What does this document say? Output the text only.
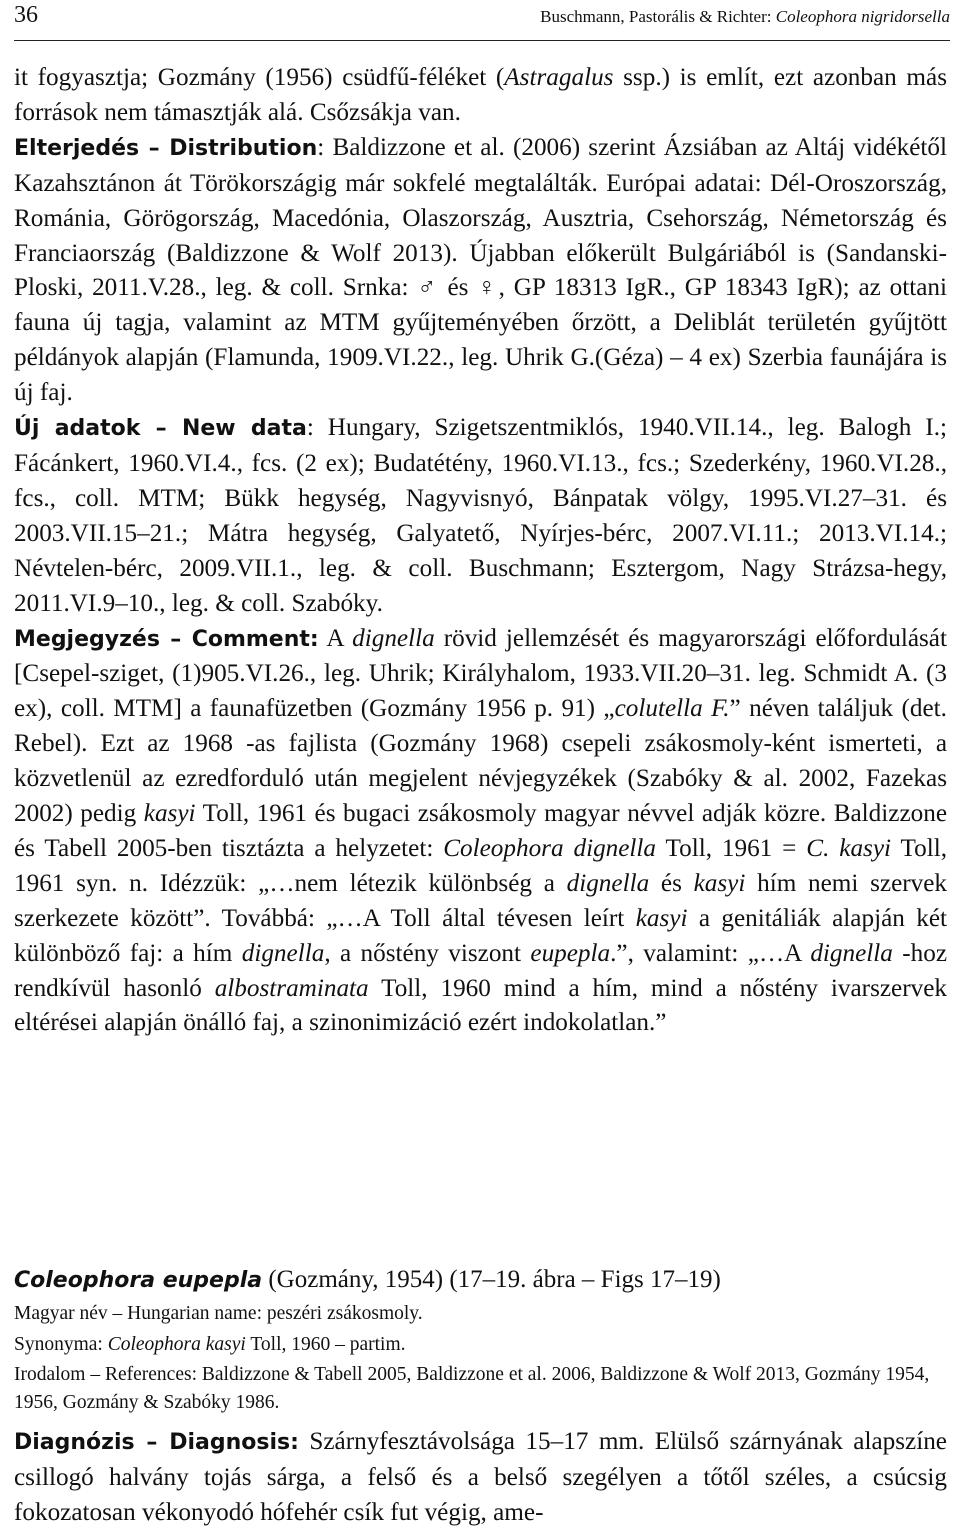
36	Buschmann, Pastorális & Richter: Coleophora nigridorsella

it fogyasztja; Gozmány (1956) csüdfű-féléket (Astragalus ssp.) is említ, ezt azonban más források nem támasztják alá. Csőzsákja van.

Elterjedés – Distribution: Baldizzone et al. (2006) szerint Ázsiában az Altáj vidékétől Kazahsztánon át Törökországig már sokfelé megtalálták. Európai adatai: Dél-Oroszország, Románia, Görögország, Macedónia, Olaszország, Ausztria, Csehország, Németország és Franciaország (Baldizzone & Wolf 2013). Újabban előkerült Bulgáriából is (Sandanski-Ploski, 2011.V.28., leg. & coll. Srnka: ♂ és ♀, GP 18313 IgR., GP 18343 IgR); az ottani fauna új tagja, valamint az MTM gyűjteményében őrzött, a Deliblát területén gyűjtött példányok alapján (Flamunda, 1909.VI.22., leg. Uhrik G.(Géza) – 4 ex) Szerbia faunájára is új faj.

Új adatok – New data: Hungary, Szigetszentmiklós, 1940.VII.14., leg. Balogh I.; Fácánkert, 1960.VI.4., fcs. (2 ex); Budatétény, 1960.VI.13., fcs.; Szederkény, 1960.VI.28., fcs., coll. MTM; Bükk hegység, Nagyvisnyó, Bánpatak völgy, 1995.VI.27–31. és 2003.VII.15–21.; Mátra hegység, Galyatető, Nyírjes-bérc, 2007.VI.11.; 2013.VI.14.; Névtelen-bérc, 2009.VII.1., leg. & coll. Buschmann; Esztergom, Nagy Strázsa-hegy, 2011.VI.9–10., leg. & coll. Szabóky.

Megjegyzés – Comment: A dignella rövid jellemzését és magyarországi előfordulását [Csepel-sziget, (1)905.VI.26., leg. Uhrik; Királyhalom, 1933.VII.20–31. leg. Schmidt A. (3 ex), coll. MTM] a faunafüzetben (Gozmány 1956 p. 91) „colutella F.” néven találjuk (det. Rebel). Ezt az 1968 -as fajlista (Gozmány 1968) csepeli zsákosmoly-ként ismerteti, a közvetlenül az ezredforduló után megjelent névjegyzékek (Szabóky & al. 2002, Fazekas 2002) pedig kasyi Toll, 1961 és bugaci zsákosmoly magyar névvel adják közre. Baldizzone és Tabell 2005-ben tisztázta a helyzetet: Coleophora dignella Toll, 1961 = C. kasyi Toll, 1961 syn. n. Idézzük: „…nem létezik különbség a dignella és kasyi hím nemi szervek szerkezete között”. Továbbá: „…A Toll által tévesen leírt kasyi a genitáliák alapján két különböző faj: a hím dignella, a nőstény viszont eupepla.”, valamint: „…A dignella -hoz rendkívül hasonló albostraminata Toll, 1960 mind a hím, mind a nőstény ivarszervek eltérései alapján önálló faj, a szinonimizáció ezért indokolatlan.”

Coleophora eupepla (Gozmány, 1954) (17–19. ábra – Figs 17–19)
Magyar név – Hungarian name: peszéri zsákosmoly.
Synonyma: Coleophora kasyi Toll, 1960 – partim.
Irodalom – References: Baldizzone & Tabell 2005, Baldizzone et al. 2006, Baldizzone & Wolf 2013, Gozmány 1954, 1956, Gozmány & Szabóky 1986.
Diagnózis – Diagnosis: Szárnyfesztávolsága 15–17 mm. Elülső szárnyának alapszíne csillogó halvány tojás sárga, a felső és a belső szegélyen a tőtől széles, a csúcsig fokozatosan vékonyodó hófehér csík fut végig, ame-
